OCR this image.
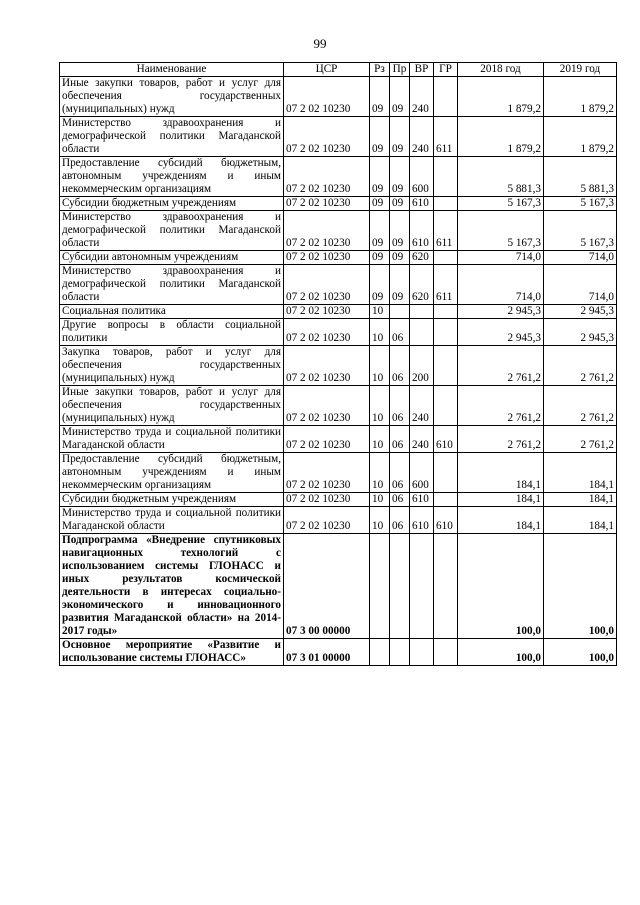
99
Наименование	ЦСР	Рз	Пр	ВР	ГР	2018 год	2019 год
Иные закупки товаров, работ и услуг для обеспечения государственных (муниципальных) нужд	07 2 02 10230	09	09	240		1 879,2	1 879,2
Министерство здравоохранения и демографической политики Магаданской области	07 2 02 10230	09	09	240	611	1 879,2	1 879,2
Предоставление субсидий бюджетным, автономным учреждениям и иным некоммерческим организациям	07 2 02 10230	09	09	600		5 881,3	5 881,3
Субсидии бюджетным учреждениям	07 2 02 10230	09	09	610		5 167,3	5 167,3
Министерство здравоохранения и демографической политики Магаданской области	07 2 02 10230	09	09	610	611	5 167,3	5 167,3
Субсидии автономным учреждениям	07 2 02 10230	09	09	620		714,0	714,0
Министерство здравоохранения и демографической политики Магаданской области	07 2 02 10230	09	09	620	611	714,0	714,0
Социальная политика	07 2 02 10230	10				2 945,3	2 945,3
Другие вопросы в области социальной политики	07 2 02 10230	10	06			2 945,3	2 945,3
Закупка товаров, работ и услуг для обеспечения государственных (муниципальных) нужд	07 2 02 10230	10	06	200		2 761,2	2 761,2
Иные закупки товаров, работ и услуг для обеспечения государственных (муниципальных) нужд	07 2 02 10230	10	06	240		2 761,2	2 761,2
Министерство труда и социальной политики Магаданской области	07 2 02 10230	10	06	240	610	2 761,2	2 761,2
Предоставление субсидий бюджетным, автономным учреждениям и иным некоммерческим организациям	07 2 02 10230	10	06	600		184,1	184,1
Субсидии бюджетным учреждениям	07 2 02 10230	10	06	610		184,1	184,1
Министерство труда и социальной политики Магаданской области	07 2 02 10230	10	06	610	610	184,1	184,1
Подпрограмма «Внедрение спутниковых навигационных технологий с использованием системы ГЛОНАСС и иных результатов космической деятельности в интересах социально-экономического и инновационного развития Магаданской области» на 2014-2017 годы»	07 3 00 00000					100,0	100,0
Основное мероприятие «Развитие и использование системы ГЛОНАСС»	07 3 01 00000					100,0	100,0
